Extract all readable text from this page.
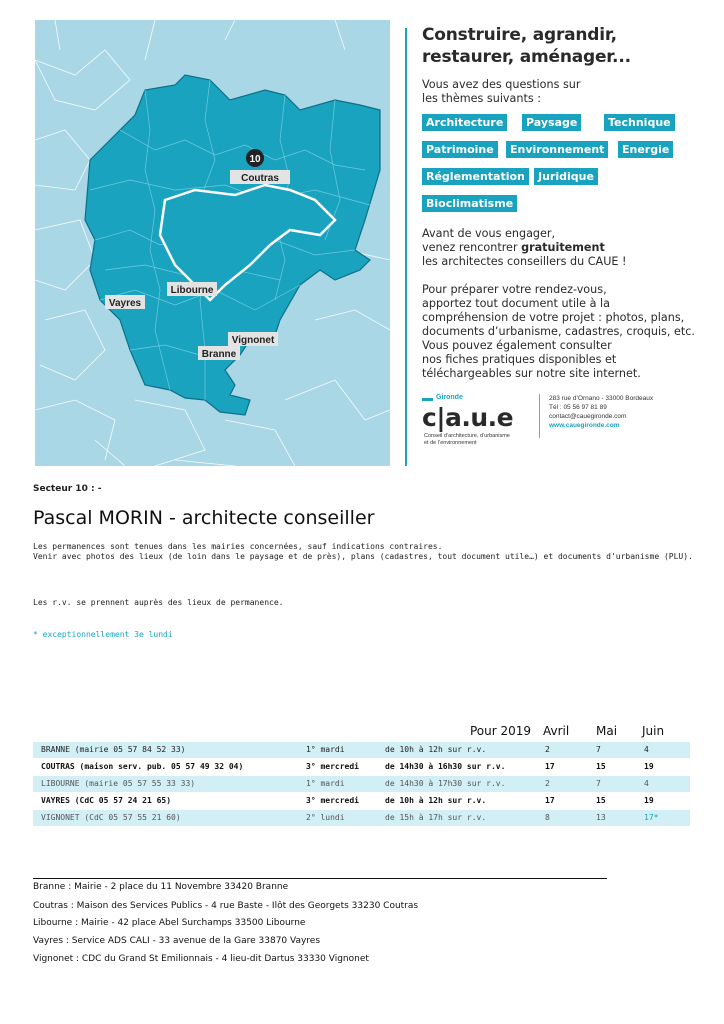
10
Coutras
Libourne
Vayres
Branne
Vignonet

Construire, agrandir,
restaurer, aménager...

Vous avez des questions sur
les thèmes suivants :
Architecture	Paysage	Technique
Patrimoine	Environnement	Energie
Réglementation	Juridique
Bioclimatisme
Avant de vous engager,
venez rencontrer gratuitement
les architectes conseillers du CAUE !
Pour préparer votre rendez-vous,
apportez tout document utile à la
compréhension de votre projet : photos, plans,
documents d’urbanisme, cadastres, croquis, etc.
Vous pouvez également consulter
nos fiches pratiques disponibles et
téléchargeables sur notre site internet.
Gironde
c|a.u.e
Conseil d’architecture, d’urbanisme
et de l’environnement
283 rue d’Ornano - 33000 Bordeaux
Tél : 05 56 97 81 89
contact@cauegironde.com
www.cauegironde.com
Secteur 10 : -
Pascal MORIN - architecte conseiller
Les permanences sont tenues dans les mairies concernées, sauf indications contraires.
Venir avec photos des lieux (de loin dans le paysage et de près), plans (cadastres, tout document utile…) et documents d'urbanisme (PLU).
Les r.v. se prennent auprès des lieux de permanence.
* exceptionnellement 3e lundi
Pour 2019 Avril Mai Juin
BRANNE (mairie 05 57 84 52 33)	1° mardi	de 10h à 12h sur r.v.	2	7	4
COUTRAS (maison serv. pub. 05 57 49 32 04)	3° mercredi	de 14h30 à 16h30 sur r.v.	17	15	19
LIBOURNE (mairie 05 57 55 33 33)	1° mardi	de 14h30 à 17h30 sur r.v.	2	7	4
VAYRES (CdC 05 57 24 21 65)	3° mercredi	de 10h à 12h sur r.v.	17	15	19
VIGNONET (CdC 05 57 55 21 60)	2° lundi	de 15h à 17h sur r.v.	8	13	17*
Branne : Mairie - 2 place du 11 Novembre 33420 Branne
Coutras : Maison des Services Publics - 4 rue Baste - Ilôt des Georgets 33230 Coutras
Libourne : Mairie - 42 place Abel Surchamps 33500 Libourne
Vayres : Service ADS CALI - 33 avenue de la Gare 33870 Vayres
Vignonet : CDC du Grand St Emilionnais - 4 lieu-dit Dartus 33330 Vignonet
